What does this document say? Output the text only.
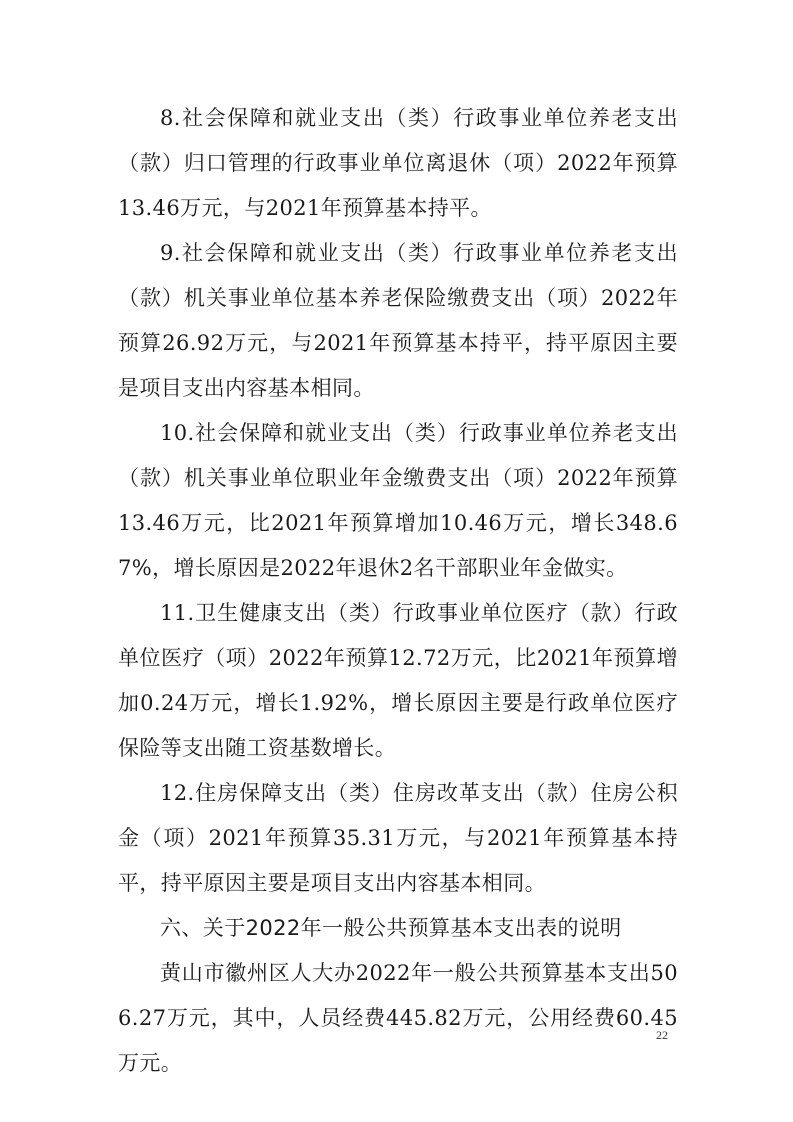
8.社会保障和就业支出（类）行政事业单位养老支出（款）归口管理的行政事业单位离退休（项）2022年预算13.46万元，与2021年预算基本持平。

9.社会保障和就业支出（类）行政事业单位养老支出（款）机关事业单位基本养老保险缴费支出（项）2022年预算26.92万元，与2021年预算基本持平，持平原因主要是项目支出内容基本相同。

10.社会保障和就业支出（类）行政事业单位养老支出（款）机关事业单位职业年金缴费支出（项）2022年预算13.46万元，比2021年预算增加10.46万元，增长348.67%，增长原因是2022年退休2名干部职业年金做实。

11.卫生健康支出（类）行政事业单位医疗（款）行政单位医疗（项）2022年预算12.72万元，比2021年预算增加0.24万元，增长1.92%，增长原因主要是行政单位医疗保险等支出随工资基数增长。

12.住房保障支出（类）住房改革支出（款）住房公积金（项）2021年预算35.31万元，与2021年预算基本持平，持平原因主要是项目支出内容基本相同。

六、关于2022年一般公共预算基本支出表的说明

黄山市徽州区人大办2022年一般公共预算基本支出506.27万元，其中，人员经费445.82万元，公用经费60.45万元。

22
